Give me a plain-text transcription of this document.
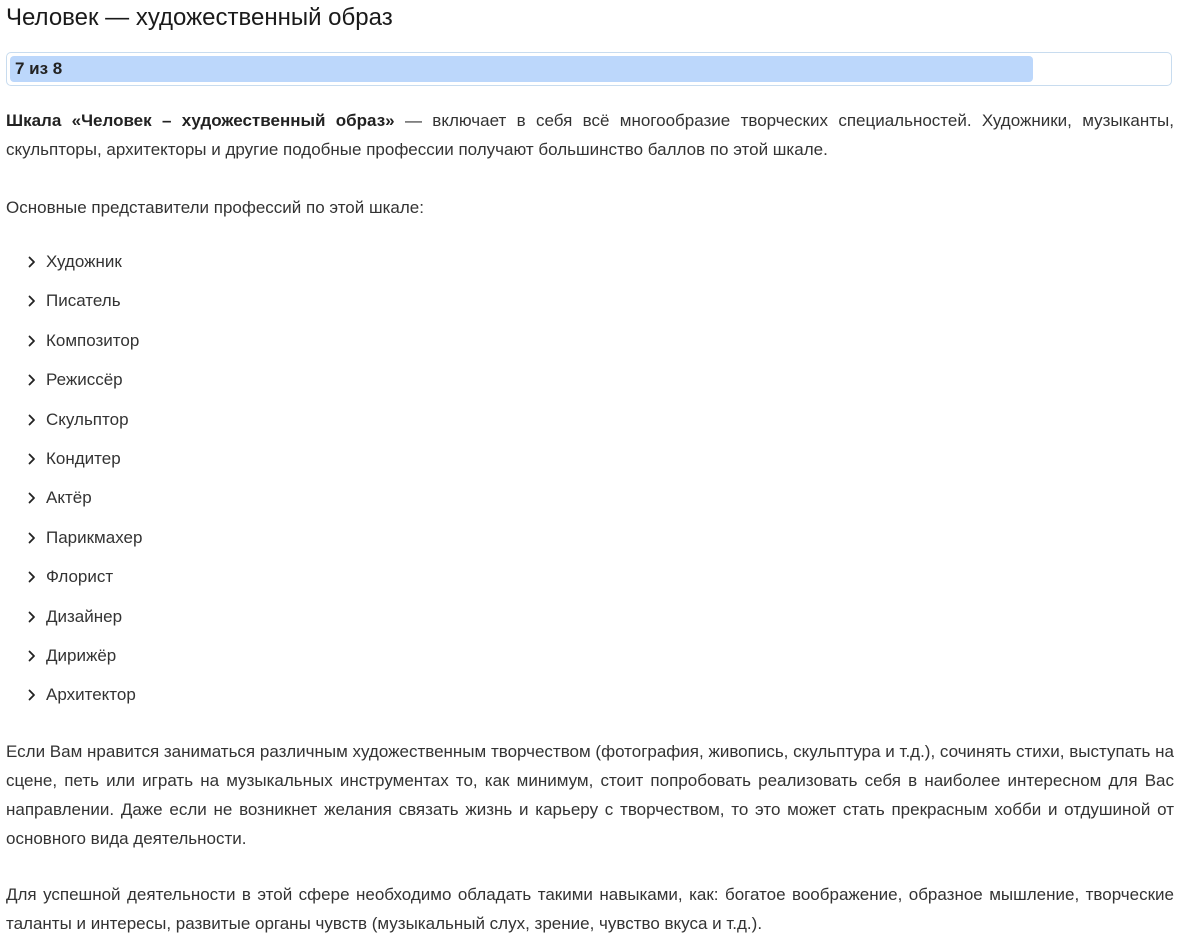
Человек — художественный образ
7 из 8

Шкала «Человек – художественный образ» — включает в себя всё многообразие творческих специальностей. Художники, музыканты, скульпторы, архитекторы и другие подобные профессии получают большинство баллов по этой шкале.

Основные представители профессий по этой шкале:

Художник
Писатель
Композитор
Режиссёр
Скульптор
Кондитер
Актёр
Парикмахер
Флорист
Дизайнер
Дирижёр
Архитектор

Если Вам нравится заниматься различным художественным творчеством (фотография, живопись, скульптура и т.д.), сочинять стихи, выступать на сцене, петь или играть на музыкальных инструментах то, как минимум, стоит попробовать реализовать себя в наиболее интересном для Вас направлении. Даже если не возникнет желания связать жизнь и карьеру с творчеством, то это может стать прекрасным хобби и отдушиной от основного вида деятельности.

Для успешной деятельности в этой сфере необходимо обладать такими навыками, как: богатое воображение, образное мышление, творческие таланты и интересы, развитые органы чувств (музыкальный слух, зрение, чувство вкуса и т.д.).
